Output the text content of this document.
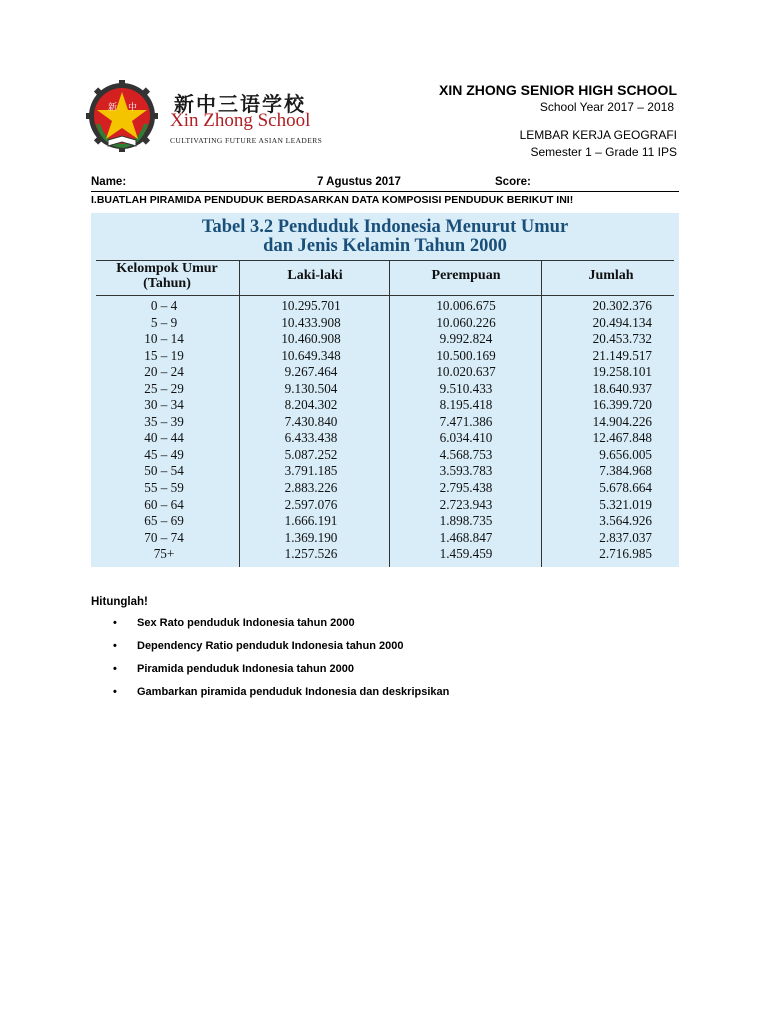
新 中 新中三语学校
Xin Zhong School
CULTIVATING FUTURE ASIAN LEADERS
XIN ZHONG SENIOR HIGH SCHOOL
School Year 2017 – 2018
LEMBAR KERJA GEOGRAFI
Semester 1 – Grade 11 IPS
Name:	7 Agustus 2017	Score:
I.BUATLAH PIRAMIDA PENDUDUK BERDASARKAN DATA KOMPOSISI PENDUDUK BERIKUT INI!
Tabel 3.2 Penduduk Indonesia Menurut Umur
dan Jenis Kelamin Tahun 2000
Kelompok Umur
(Tahun)
Laki-laki	Perempuan	Jumlah
0 – 4	10.295.701	10.006.675	20.302.376
5 – 9	10.433.908	10.060.226	20.494.134
10 – 14	10.460.908	9.992.824	20.453.732
15 – 19	10.649.348	10.500.169	21.149.517
20 – 24	9.267.464	10.020.637	19.258.101
25 – 29	9.130.504	9.510.433	18.640.937
30 – 34	8.204.302	8.195.418	16.399.720
35 – 39	7.430.840	7.471.386	14.904.226
40 – 44	6.433.438	6.034.410	12.467.848
45 – 49	5.087.252	4.568.753	9.656.005
50 – 54	3.791.185	3.593.783	7.384.968
55 – 59	2.883.226	2.795.438	5.678.664
60 – 64	2.597.076	2.723.943	5.321.019
65 – 69	1.666.191	1.898.735	3.564.926
70 – 74	1.369.190	1.468.847	2.837.037
75+	1.257.526	1.459.459	2.716.985
Hitunglah!
• Sex Rato penduduk Indonesia tahun 2000
• Dependency Ratio penduduk Indonesia tahun 2000
• Piramida penduduk Indonesia tahun 2000
• Gambarkan piramida penduduk Indonesia dan deskripsikan
